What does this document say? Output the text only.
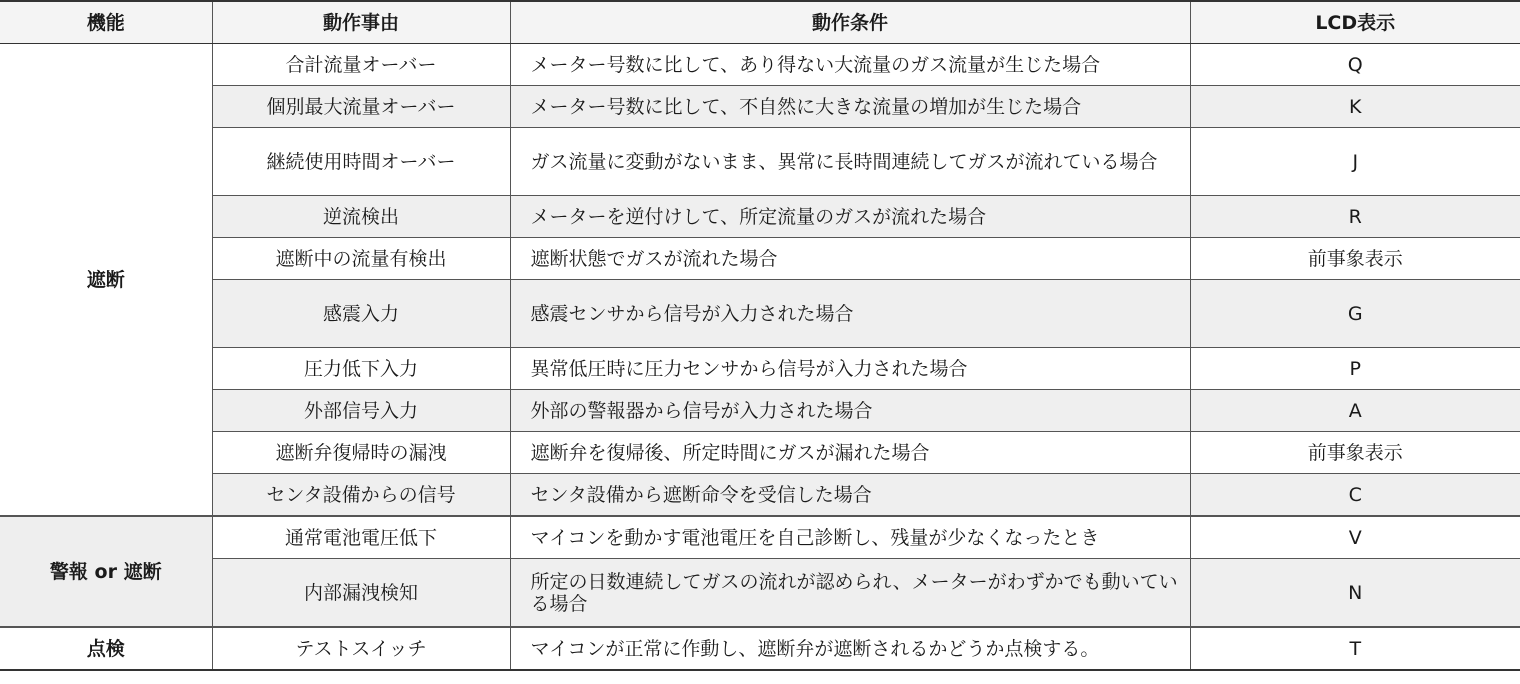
機能	動作事由	動作条件	LCD表示
遮断	合計流量オーバー	メーター号数に比して、あり得ない大流量のガス流量が生じた場合	Q
	個別最大流量オーバー	メーター号数に比して、不自然に大きな流量の増加が生じた場合	K
	継続使用時間オーバー	ガス流量に変動がないまま、異常に長時間連続してガスが流れている場合	J
	逆流検出	メーターを逆付けして、所定流量のガスが流れた場合	R
	遮断中の流量有検出	遮断状態でガスが流れた場合	前事象表示
	感震入力	感震センサから信号が入力された場合	G
	圧力低下入力	異常低圧時に圧力センサから信号が入力された場合	P
	外部信号入力	外部の警報器から信号が入力された場合	A
	遮断弁復帰時の漏洩	遮断弁を復帰後、所定時間にガスが漏れた場合	前事象表示
	センタ設備からの信号	センタ設備から遮断命令を受信した場合	C
警報 or 遮断	通常電池電圧低下	マイコンを動かす電池電圧を自己診断し、残量が少なくなったとき	V
	内部漏洩検知	所定の日数連続してガスの流れが認められ、メーターがわずかでも動いている場合	N
点検	テストスイッチ	マイコンが正常に作動し、遮断弁が遮断されるかどうか点検する。	T
